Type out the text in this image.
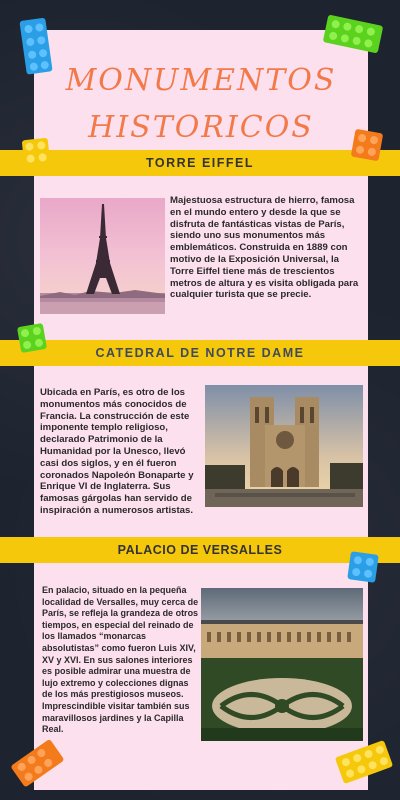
MONUMENTOS
HISTORICOS
TORRE EIFFEL
Majestuosa estructura de hierro, famosa en el mundo entero y desde la que se disfruta de fantásticas vistas de París, siendo uno sus monumentos más emblemáticos. Construida en 1889 con motivo de la Exposición Universal, la Torre Eiffel tiene más de trescientos metros de altura y es visita obligada para cualquier turista que se precie.
CATEDRAL DE NOTRE DAME
Ubicada en París, es otro de los monumentos más conocidos de Francia. La construcción de este imponente templo religioso, declarado Patrimonio de la Humanidad por la Unesco, llevó casi dos siglos, y en él fueron coronados Napoleón Bonaparte y Enrique VI de Inglaterra. Sus famosas gárgolas han servido de inspiración a numerosos artistas.
PALACIO DE VERSALLES
En palacio, situado en la pequeña localidad de Versalles, muy cerca de París, se refleja la grandeza de otros tiempos, en especial del reinado de los llamados “monarcas absolutistas” como fueron Luis XIV, XV y XVI. En sus salones interiores es posible admirar una muestra de lujo extremo y colecciones dignas de los más prestigiosos museos. Imprescindible visitar también sus maravillosos jardines y la Capilla Real.
